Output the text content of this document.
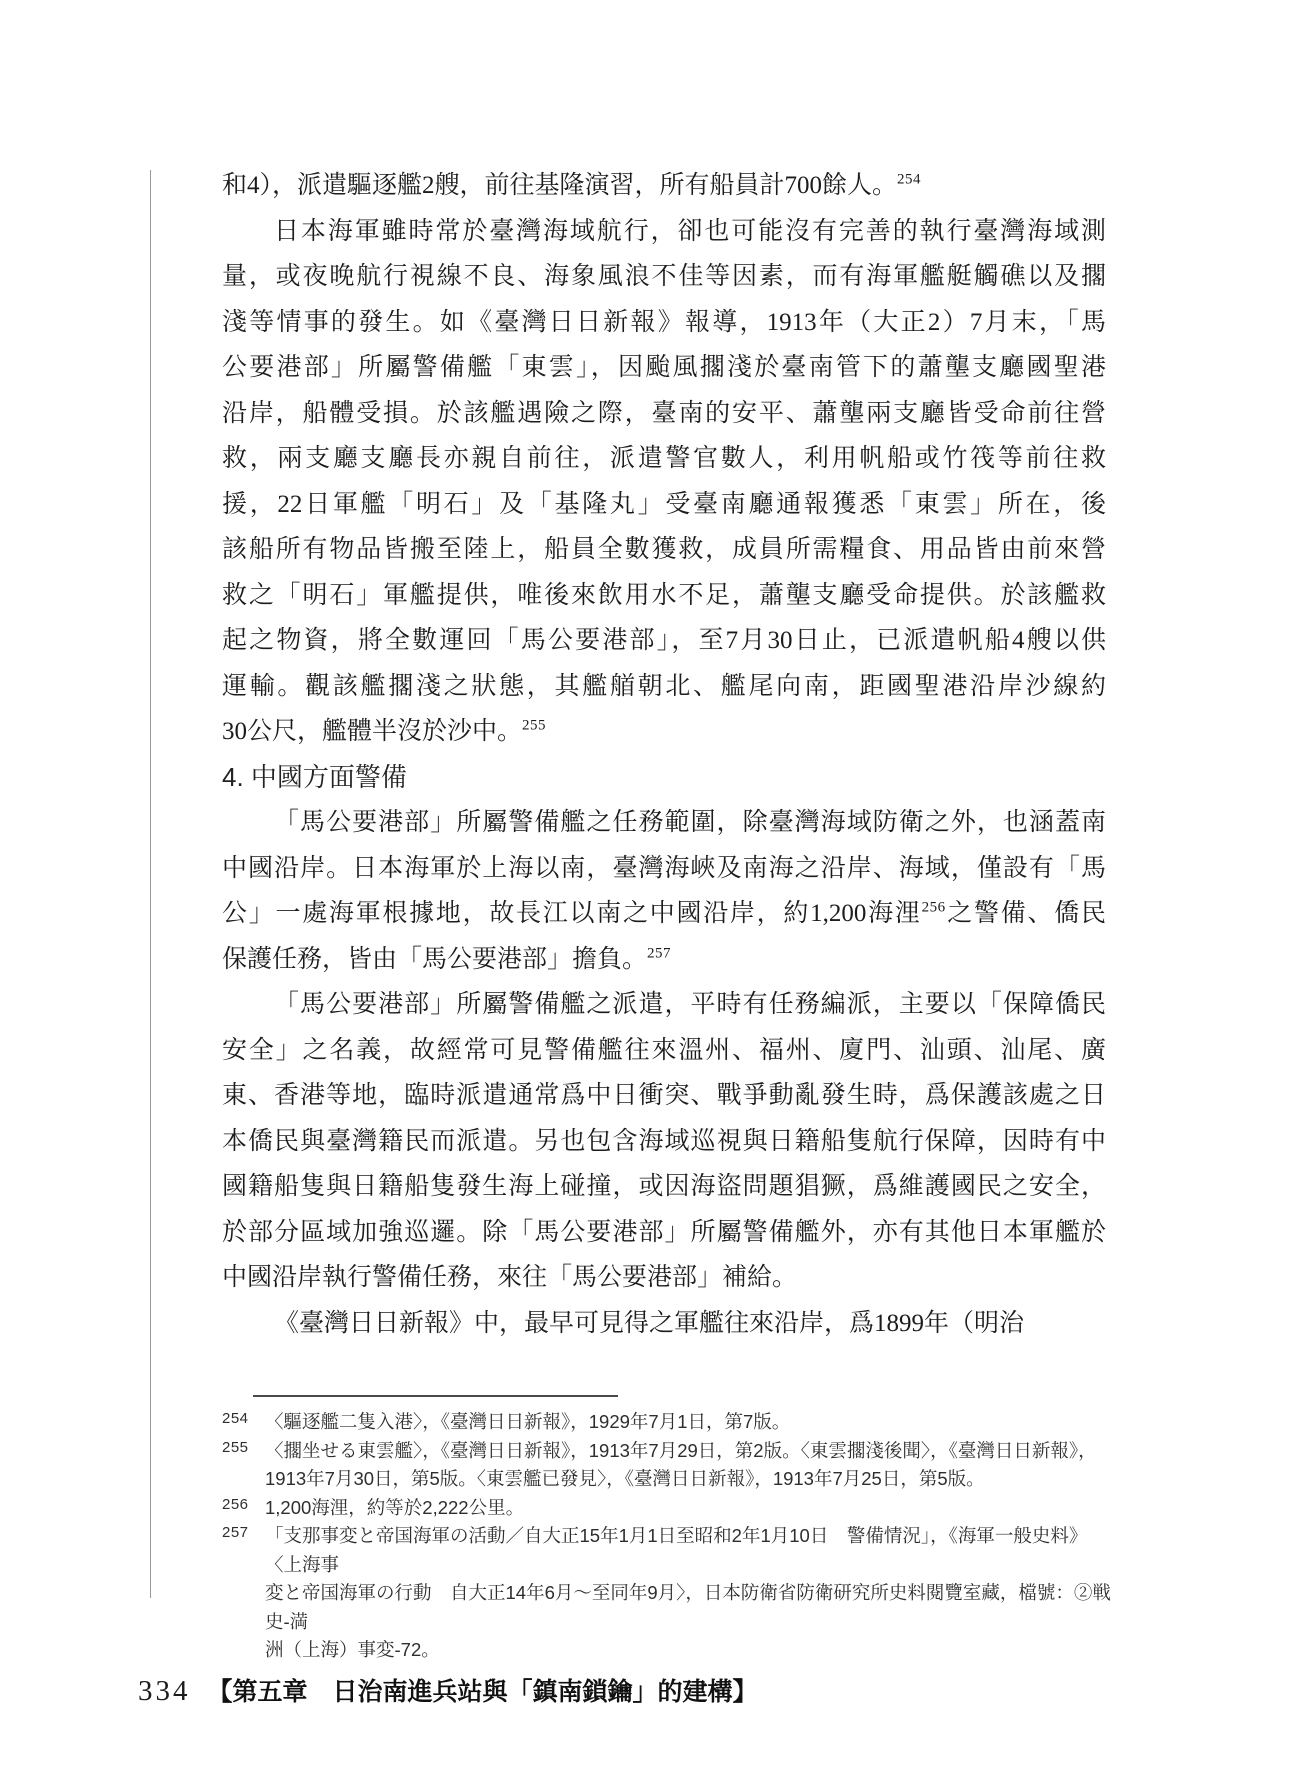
和4），派遣驅逐艦2艘，前往基隆演習，所有船員計700餘人。$^{254}$
日本海軍雖時常於臺灣海域航行，卻也可能沒有完善的執行臺灣海域測
量，或夜晚航行視線不良、海象風浪不佳等因素，而有海軍艦艇觸礁以及擱
淺等情事的發生。如《臺灣日日新報》報導，1913年（大正2）7月末，「馬
公要港部」所屬警備艦「東雲」，因颱風擱淺於臺南管下的蕭壟支廳國聖港
沿岸，船體受損。於該艦遇險之際，臺南的安平、蕭壟兩支廳皆受命前往營
救，兩支廳支廳長亦親自前往，派遣警官數人，利用帆船或竹筏等前往救
援，22日軍艦「明石」及「基隆丸」受臺南廳通報獲悉「東雲」所在，後
該船所有物品皆搬至陸上，船員全數獲救，成員所需糧食、用品皆由前來營
救之「明石」軍艦提供，唯後來飲用水不足，蕭壟支廳受命提供。於該艦救
起之物資，將全數運回「馬公要港部」，至7月30日止，已派遣帆船4艘以供
運輸。觀該艦擱淺之狀態，其艦艏朝北、艦尾向南，距國聖港沿岸沙線約
30公尺，艦體半沒於沙中。$^{255}$
4. 中國方面警備
「馬公要港部」所屬警備艦之任務範圍，除臺灣海域防衛之外，也涵蓋南
中國沿岸。日本海軍於上海以南，臺灣海峽及南海之沿岸、海域，僅設有「馬
公」一處海軍根據地，故長江以南之中國沿岸，約1,200海浬$^{256}$之警備、僑民
保護任務，皆由「馬公要港部」擔負。$^{257}$
「馬公要港部」所屬警備艦之派遣，平時有任務編派，主要以「保障僑民
安全」之名義，故經常可見警備艦往來溫州、福州、廈門、汕頭、汕尾、廣
東、香港等地，臨時派遣通常爲中日衝突、戰爭動亂發生時，爲保護該處之日
本僑民與臺灣籍民而派遣。另也包含海域巡視與日籍船隻航行保障，因時有中
國籍船隻與日籍船隻發生海上碰撞，或因海盜問題猖獗，爲維護國民之安全，
於部分區域加強巡邏。除「馬公要港部」所屬警備艦外，亦有其他日本軍艦於
中國沿岸執行警備任務，來往「馬公要港部」補給。
《臺灣日日新報》中，最早可見得之軍艦往來沿岸，爲1899年（明治
254 〈驅逐艦二隻入港〉，《臺灣日日新報》，1929年7月1日，第7版。
255 〈擱坐せる東雲艦〉，《臺灣日日新報》，1913年7月29日，第2版。〈東雲擱淺後聞〉，《臺灣日日新報》，
1913年7月30日，第5版。〈東雲艦已發見〉，《臺灣日日新報》，1913年7月25日，第5版。
256 1,200海浬，約等於2,222公里。
257 「支那事変と帝国海軍の活動／自大正15年1月1日至昭和2年1月10日　警備情況」，《海軍一般史料》〈上海事
変と帝国海軍の行動　自大正14年6月～至同年9月〉，日本防衛省防衛研究所史料閱覽室藏，檔號：②戦史-満
洲（上海）事変-72。
334 【第五章　日治南進兵站與「鎮南鎖鑰」的建構】
